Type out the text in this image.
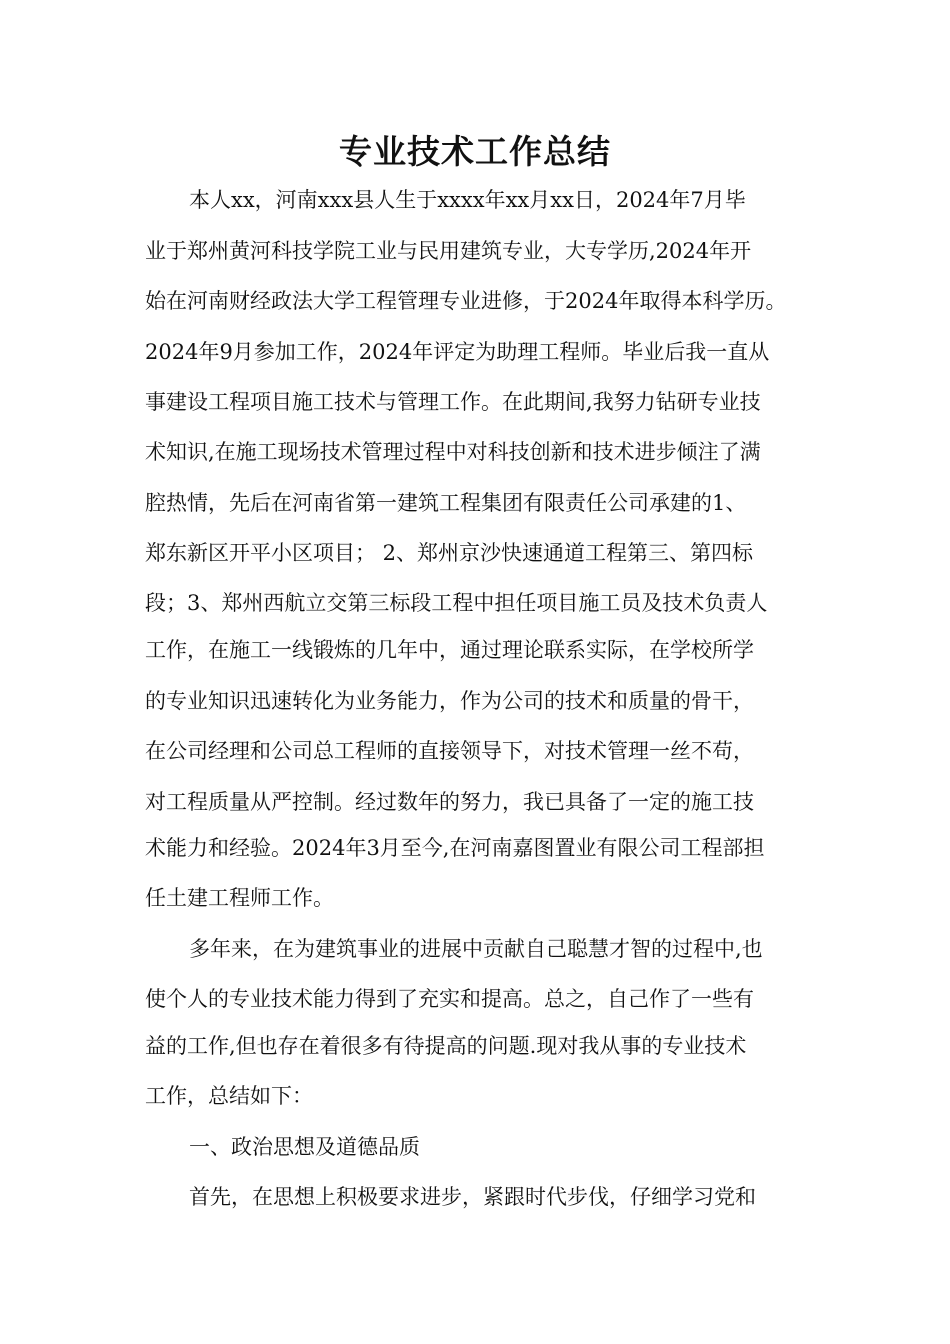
专业技术工作总结
本人xx，河南xxx县人生于xxxx年xx月xx日，2024年7月毕
业于郑州黄河科技学院工业与民用建筑专业，大专学历,2024年开
始在河南财经政法大学工程管理专业进修，于2024年取得本科学历。
2024年9月参加工作，2024年评定为助理工程师。毕业后我一直从
事建设工程项目施工技术与管理工作。在此期间,我努力钻研专业技
术知识,在施工现场技术管理过程中对科技创新和技术进步倾注了满
腔热情，先后在河南省第一建筑工程集团有限责任公司承建的1、
郑东新区开平小区项目； 2、郑州京沙快速通道工程第三、第四标
段；3、郑州西航立交第三标段工程中担任项目施工员及技术负责人
工作，在施工一线锻炼的几年中，通过理论联系实际，在学校所学
的专业知识迅速转化为业务能力，作为公司的技术和质量的骨干，
在公司经理和公司总工程师的直接领导下，对技术管理一丝不苟，
对工程质量从严控制。经过数年的努力，我已具备了一定的施工技
术能力和经验。2024年3月至今,在河南嘉图置业有限公司工程部担
任土建工程师工作。
多年来，在为建筑事业的进展中贡献自己聪慧才智的过程中,也
使个人的专业技术能力得到了充实和提高。总之，自己作了一些有
益的工作,但也存在着很多有待提高的问题.现对我从事的专业技术
工作，总结如下：
一、政治思想及道德品质
首先，在思想上积极要求进步，紧跟时代步伐，仔细学习党和
